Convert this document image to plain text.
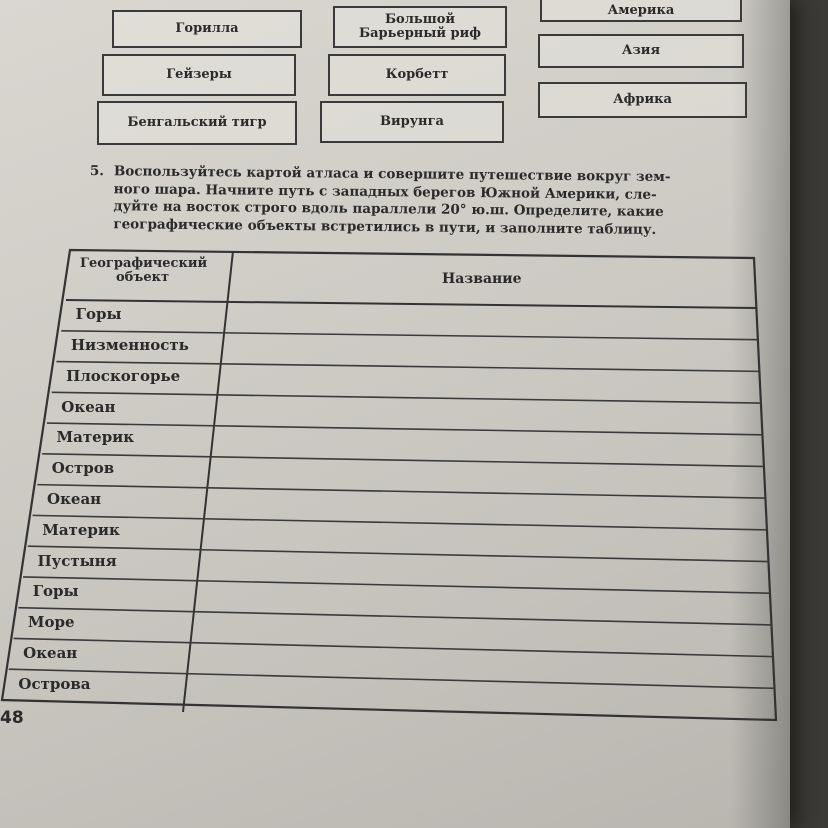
Горилла
Большой
Барьерный риф
Америка
Гейзеры	Корбетт
Азия
Бенгальский тигр	Вирунга
Африка
5. Воспользуйтесь картой атласа и совершите путешествие вокруг зем-
ного шара. Начните путь с западных берегов Южной Америки, сле-
дуйте на восток строго вдоль параллели 20° ю.ш. Определите, какие
географические объекты встретились в пути, и заполните таблицу.
Географический
объект	Название
Горы
Низменность
Плоскогорье
Океан
Материк
Остров
Океан
Материк
Пустыня
Горы
Море
Океан
Острова
48
